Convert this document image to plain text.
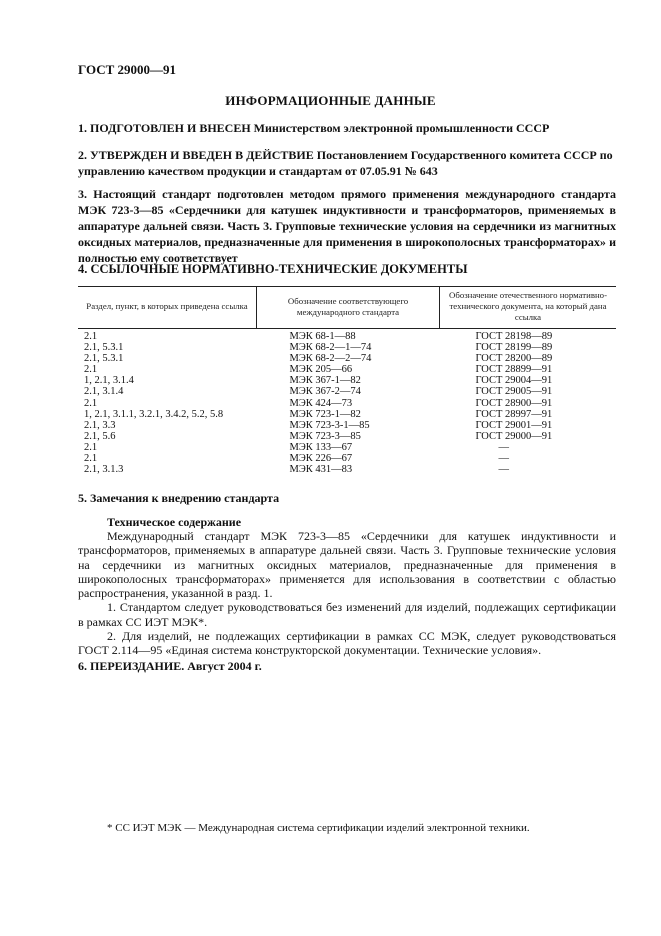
ГОСТ 29000—91
ИНФОРМАЦИОННЫЕ ДАННЫЕ
1. ПОДГОТОВЛЕН И ВНЕСЕН Министерством электронной промышленности СССР
2. УТВЕРЖДЕН И ВВЕДЕН В ДЕЙСТВИЕ Постановлением Государственного комитета СССР по управлению качеством продукции и стандартам от 07.05.91 № 643
3. Настоящий стандарт подготовлен методом прямого применения международного стандарта МЭК 723-3—85 «Сердечники для катушек индуктивности и трансформаторов, применяемых в аппаратуре дальней связи. Часть 3. Групповые технические условия на сердечники из магнитных оксидных материалов, предназначенные для применения в широкополосных трансформаторах» и полностью ему соответствует
4. ССЫЛОЧНЫЕ НОРМАТИВНО-ТЕХНИЧЕСКИЕ ДОКУМЕНТЫ
Раздел, пункт, в которых приведена ссылка	Обозначение соответствующего международного стандарта	Обозначение отечественного нормативно-технического документа, на который дана ссылка
2.1	МЭК 68-1—88	ГОСТ 28198—89
2.1, 5.3.1	МЭК 68-2—1—74	ГОСТ 28199—89
2.1, 5.3.1	МЭК 68-2—2—74	ГОСТ 28200—89
2.1	МЭК 205—66	ГОСТ 28899—91
1, 2.1, 3.1.4	МЭК 367-1—82	ГОСТ 29004—91
2.1, 3.1.4	МЭК 367-2—74	ГОСТ 29005—91
2.1	МЭК 424—73	ГОСТ 28900—91
1, 2.1, 3.1.1, 3.2.1, 3.4.2, 5.2, 5.8	МЭК 723-1—82	ГОСТ 28997—91
2.1, 3.3	МЭК 723-3-1—85	ГОСТ 29001—91
2.1, 5.6	МЭК 723-3—85	ГОСТ 29000—91
2.1	МЭК 133—67	—
2.1	МЭК 226—67	—
2.1, 3.1.3	МЭК 431—83	—
5. Замечания к внедрению стандарта
Техническое содержание

Международный стандарт МЭК 723-3—85 «Сердечники для катушек индуктивности и трансформаторов, применяемых в аппаратуре дальней связи. Часть 3. Групповые технические условия на сердечники из магнитных оксидных материалов, предназначенные для применения в широкополосных трансформаторах» применяется для использования в соответствии с областью распространения, указанной в разд. 1.

1. Стандартом следует руководствоваться без изменений для изделий, подлежащих сертификации в рамках СС ИЭТ МЭК*.

2. Для изделий, не подлежащих сертификации в рамках СС МЭК, следует руководствоваться ГОСТ 2.114—95 «Единая система конструкторской документации. Технические условия».

6. ПЕРЕИЗДАНИЕ. Август 2004 г.
* СС ИЭТ МЭК — Международная система сертификации изделий электронной техники.
